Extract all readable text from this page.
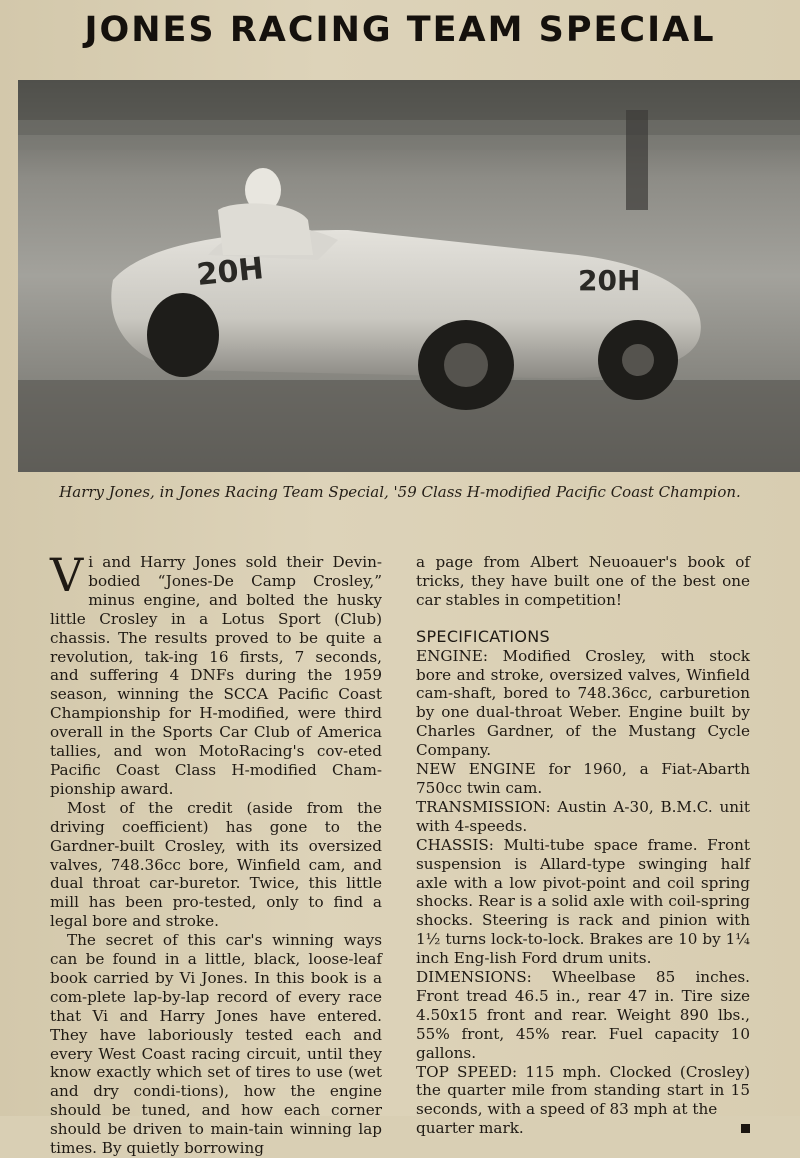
JONES RACING TEAM SPECIAL
20H	20H
Harry Jones, in Jones Racing Team Special, '59 Class H-modified Pacific Coast Champion.

Vi and Harry Jones sold their Devin-bodied “Jones-De Camp Crosley,” minus engine, and bolted the husky little Crosley in a Lotus Sport (Club) chassis. The results proved to be quite a revolution, tak-ing 16 firsts, 7 seconds, and suffering 4 DNFs during the 1959 season, winning the SCCA Pacific Coast Championship for H-modified, were third overall in the Sports Car Club of America tallies, and won MotoRacing's cov-eted Pacific Coast Class H-modified Cham-pionship award.

Most of the credit (aside from the driving coefficient) has gone to the Gardner-built Crosley, with its oversized valves, 748.36cc bore, Winfield cam, and dual throat car-buretor. Twice, this little mill has been pro-tested, only to find a legal bore and stroke.

The secret of this car's winning ways can be found in a little, black, loose-leaf book carried by Vi Jones. In this book is a com-plete lap-by-lap record of every race that Vi and Harry Jones have entered. They have laboriously tested each and every West Coast racing circuit, until they know exactly which set of tires to use (wet and dry condi-tions), how the engine should be tuned, and how each corner should be driven to main-tain winning lap times. By quietly borrowing

a page from Albert Neuoauer's book of tricks, they have built one of the best one car stables in competition!

SPECIFICATIONS

ENGINE: Modified Crosley, with stock bore and stroke, oversized valves, Winfield cam-shaft, bored to 748.36cc, carburetion by one dual-throat Weber. Engine built by Charles Gardner, of the Mustang Cycle Company.

NEW ENGINE for 1960, a Fiat-Abarth 750cc twin cam.

TRANSMISSION: Austin A-30, B.M.C. unit with 4-speeds.

CHASSIS: Multi-tube space frame. Front suspension is Allard-type swinging half axle with a low pivot-point and coil spring shocks. Rear is a solid axle with coil-spring shocks. Steering is rack and pinion with 1½ turns lock-to-lock. Brakes are 10 by 1¼ inch Eng-lish Ford drum units.

DIMENSIONS: Wheelbase 85 inches. Front tread 46.5 in., rear 47 in. Tire size 4.50x15 front and rear. Weight 890 lbs., 55% front, 45% rear. Fuel capacity 10 gallons.

TOP SPEED: 115 mph. Clocked (Crosley) the quarter mile from standing start in 15 seconds, with a speed of 83 mph at the

quarter mark.
